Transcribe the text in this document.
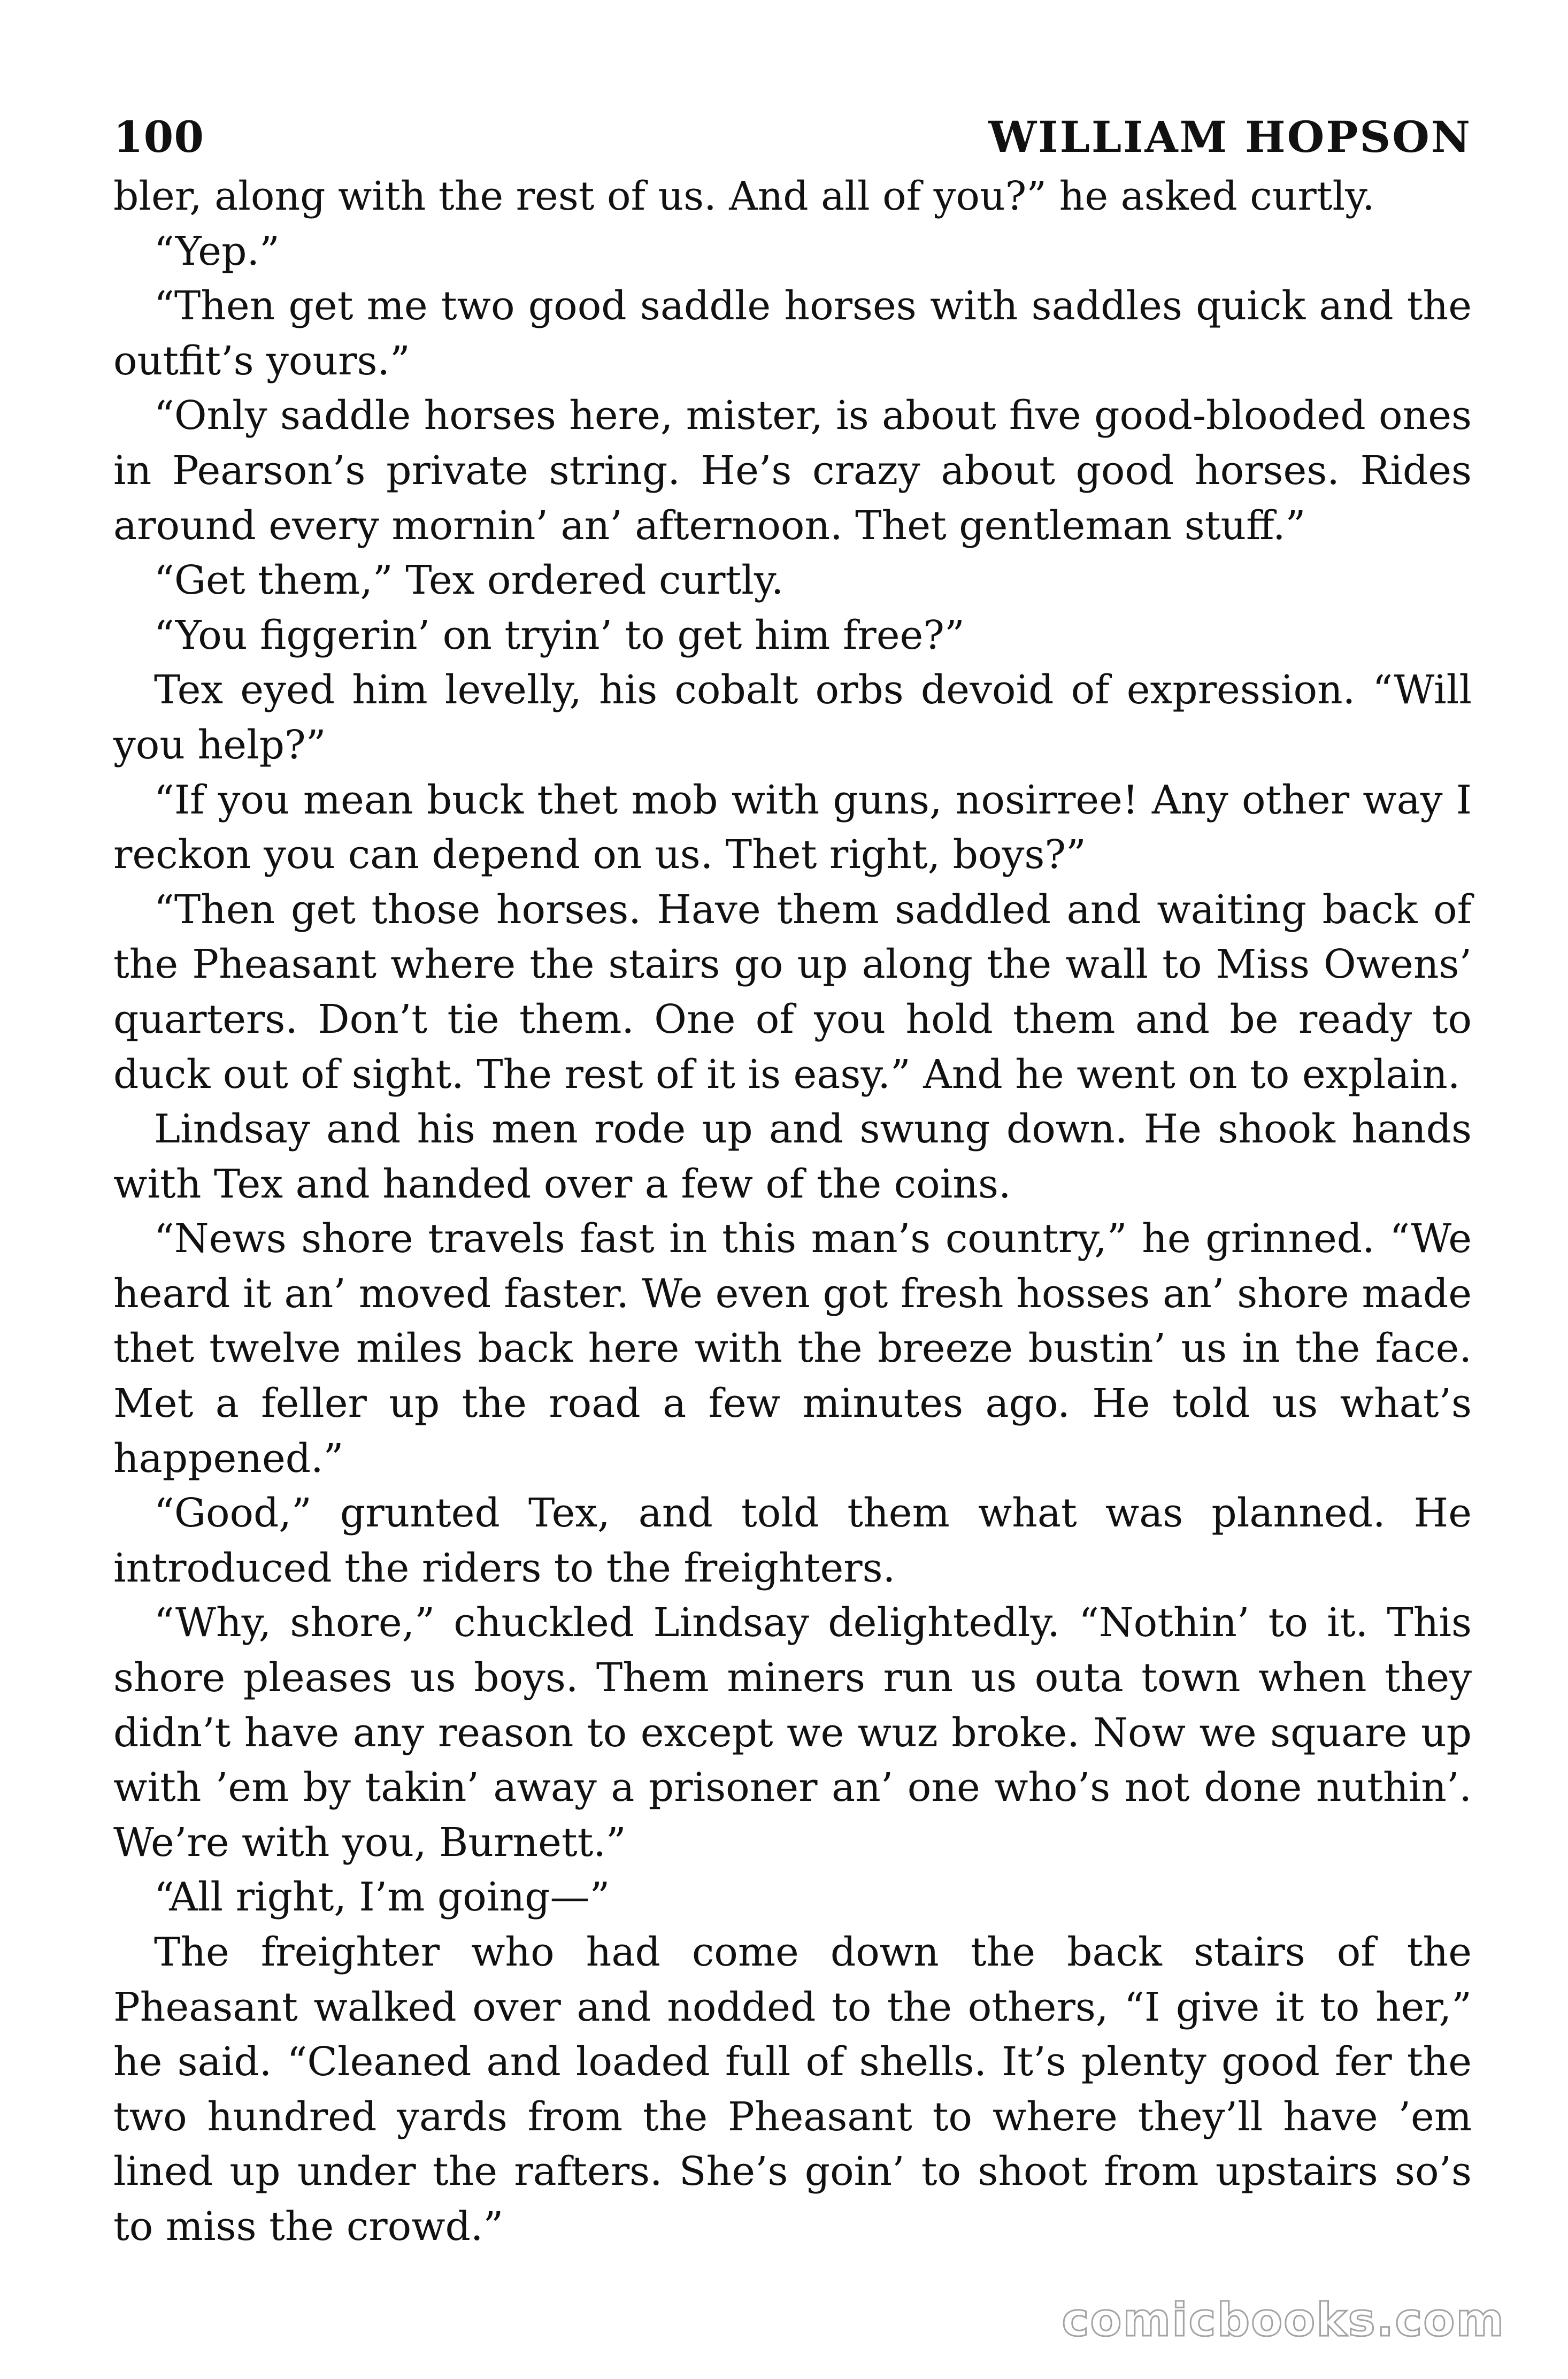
100	WILLIAM HOPSON

bler, along with the rest of us. And all of you?” he asked curtly.

“Yep.”

“Then get me two good saddle horses with saddles quick and the outfit’s yours.”

“Only saddle horses here, mister, is about five good-blooded ones in Pearson’s private string. He’s crazy about good horses. Rides around every mornin’ an’ afternoon. Thet gentleman stuff.”

“Get them,” Tex ordered curtly.

“You figgerin’ on tryin’ to get him free?”

Tex eyed him levelly, his cobalt orbs devoid of expression. “Will you help?”

“If you mean buck thet mob with guns, nosirree! Any other way I reckon you can depend on us. Thet right, boys?”

“Then get those horses. Have them saddled and waiting back of the Pheasant where the stairs go up along the wall to Miss Owens’ quarters. Don’t tie them. One of you hold them and be ready to duck out of sight. The rest of it is easy.” And he went on to explain.

Lindsay and his men rode up and swung down. He shook hands with Tex and handed over a few of the coins.

“News shore travels fast in this man’s country,” he grinned. “We heard it an’ moved faster. We even got fresh hosses an’ shore made thet twelve miles back here with the breeze bustin’ us in the face. Met a feller up the road a few minutes ago. He told us what’s happened.”

“Good,” grunted Tex, and told them what was planned. He introduced the riders to the freighters.

“Why, shore,” chuckled Lindsay delightedly. “Nothin’ to it. This shore pleases us boys. Them miners run us outa town when they didn’t have any reason to except we wuz broke. Now we square up with ’em by takin’ away a prisoner an’ one who’s not done nuthin’. We’re with you, Burnett.”

“All right, I’m going—”

The freighter who had come down the back stairs of the Pheasant walked over and nodded to the others, “I give it to her,” he said. “Cleaned and loaded full of shells. It’s plenty good fer the two hundred yards from the Pheasant to where they’ll have ’em lined up under the rafters. She’s goin’ to shoot from upstairs so’s to miss the crowd.”

comicbooks.com
